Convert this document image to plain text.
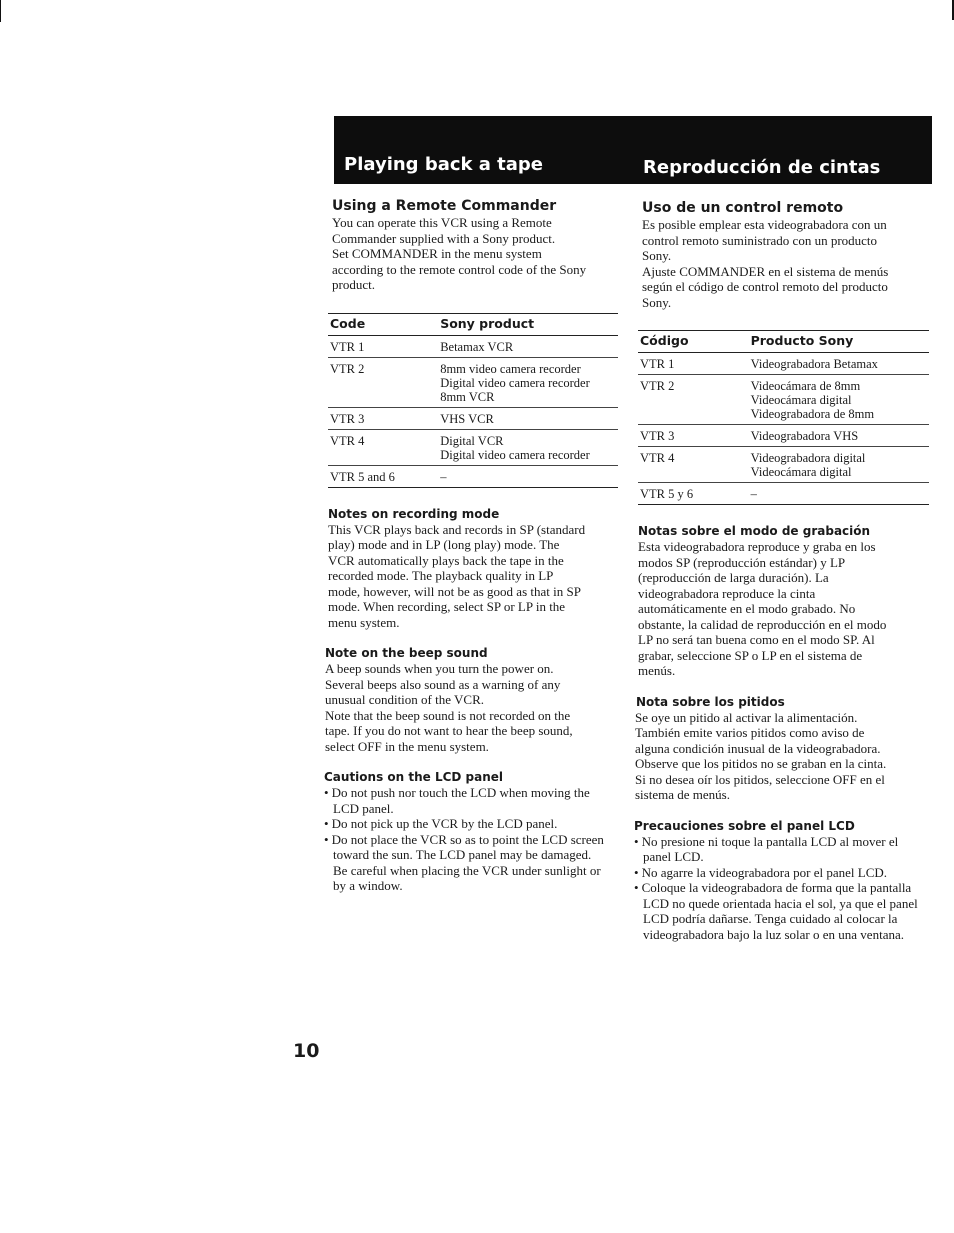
Playing back a tape	Reproducción de cintas
Using a Remote Commander

You can operate this VCR using a Remote

Commander supplied with a Sony product.

Set COMMANDER in the menu system

according to the remote control code of the Sony

product.

Code	Sony product
VTR 1	Betamax VCR

VTR 2	8mm video camera recorder
Digital video camera recorder
8mm VCR

VTR 3	VHS VCR

VTR 4	Digital VCR
Digital video camera recorder

VTR 5 and 6	–
Notes on recording mode

This VCR plays back and records in SP (standard

play) mode and in LP (long play) mode. The

VCR automatically plays back the tape in the

recorded mode. The playback quality in LP

mode, however, will not be as good as that in SP

mode. When recording, select SP or LP in the

menu system.

Note on the beep sound

A beep sounds when you turn the power on.

Several beeps also sound as a warning of any

unusual condition of the VCR.

Note that the beep sound is not recorded on the

tape. If you do not want to hear the beep sound,

select OFF in the menu system.

Cautions on the LCD panel
• Do not push nor touch the LCD when moving the LCD panel.
• Do not pick up the VCR by the LCD panel.
• Do not place the VCR so as to point the LCD screen toward the sun. The LCD panel may be damaged. Be careful when placing the VCR under sunlight or by a window.
Uso de un control remoto

Es posible emplear esta videograbadora con un

control remoto suministrado con un producto

Sony.

Ajuste COMMANDER en el sistema de menús

según el código de control remoto del producto

Sony.

Código	Producto Sony
VTR 1	Videograbadora Betamax

VTR 2	Videocámara de 8mm
Videocámara digital
Videograbadora de 8mm

VTR 3	Videograbadora VHS

VTR 4	Videograbadora digital
Videocámara digital

VTR 5 y 6	–
Notas sobre el modo de grabación

Esta videograbadora reproduce y graba en los

modos SP (reproducción estándar) y LP

(reproducción de larga duración). La

videograbadora reproduce la cinta

automáticamente en el modo grabado. No

obstante, la calidad de reproducción en el modo

LP no será tan buena como en el modo SP. Al

grabar, seleccione SP o LP en el sistema de

menús.

Nota sobre los pitidos

Se oye un pitido al activar la alimentación.

También emite varios pitidos como aviso de

alguna condición inusual de la videograbadora.

Observe que los pitidos no se graban en la cinta.

Si no desea oír los pitidos, seleccione OFF en el

sistema de menús.

Precauciones sobre el panel LCD
• No presione ni toque la pantalla LCD al mover el panel LCD.
• No agarre la videograbadora por el panel LCD.
• Coloque la videograbadora de forma que la pantalla LCD no quede orientada hacia el sol, ya que el panel LCD podría dañarse. Tenga cuidado al colocar la videograbadora bajo la luz solar o en una ventana.
10
